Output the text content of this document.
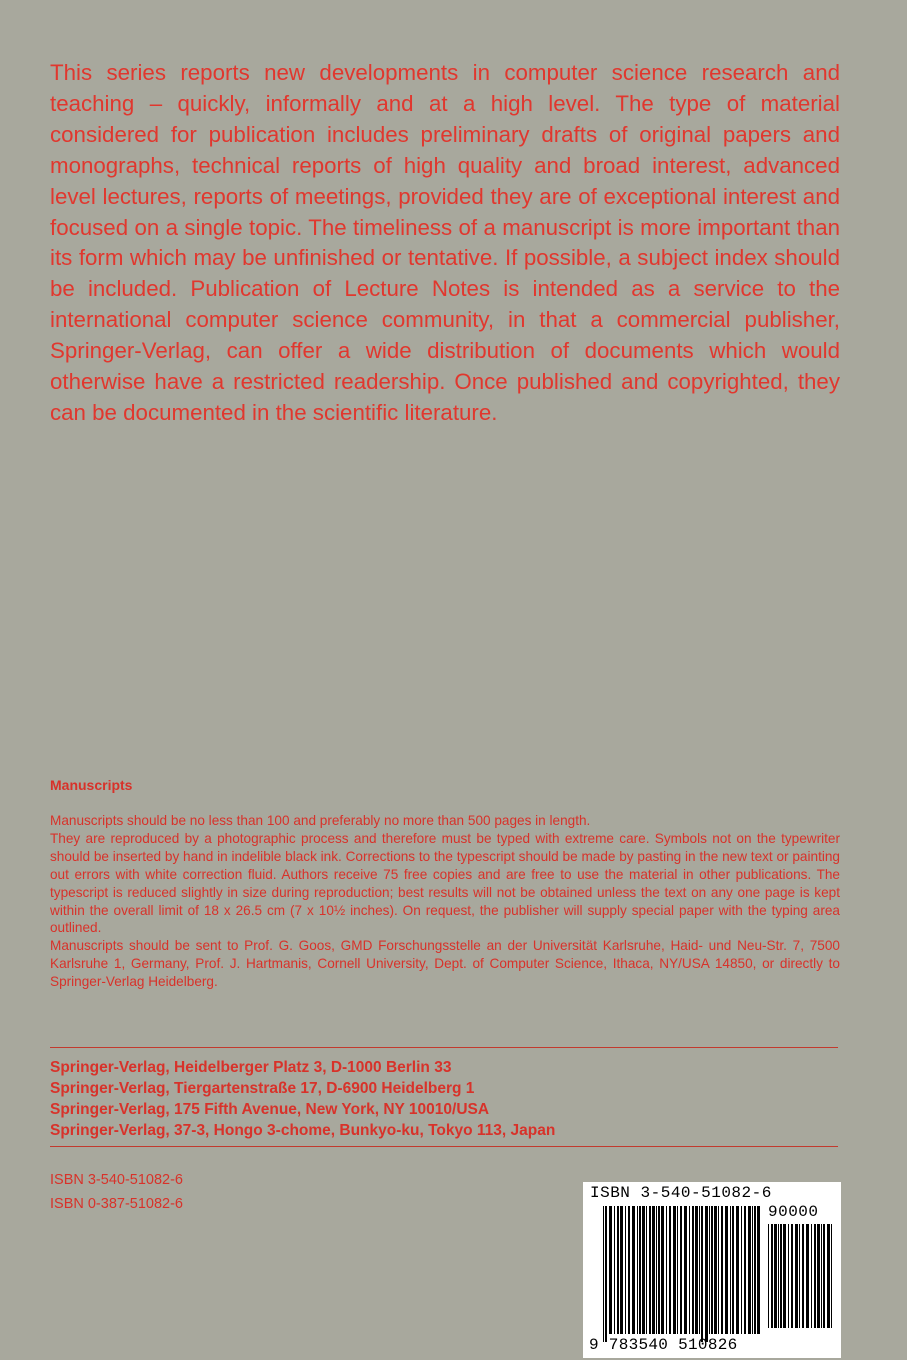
This series reports new developments in computer science research and teaching – quickly, informally and at a high level. The type of material considered for publication includes preliminary drafts of original papers and monographs, technical reports of high quality and broad interest, advanced level lectures, reports of meetings, provided they are of exceptional interest and focused on a single topic. The timeliness of a manuscript is more important than its form which may be unfinished or tentative. If possible, a subject index should be included. Publication of Lecture Notes is intended as a service to the international computer science community, in that a commercial publisher, Springer-Verlag, can offer a wide distribution of documents which would otherwise have a restricted readership. Once published and copyrighted, they can be documented in the scientific literature.

Manuscripts

Manuscripts should be no less than 100 and preferably no more than 500 pages in length.

They are reproduced by a photographic process and therefore must be typed with extreme care. Symbols not on the typewriter should be inserted by hand in indelible black ink. Corrections to the typescript should be made by pasting in the new text or painting out errors with white correction fluid. Authors receive 75 free copies and are free to use the material in other publications. The typescript is reduced slightly in size during reproduction; best results will not be obtained unless the text on any one page is kept within the overall limit of 18 x 26.5 cm (7 x 10½ inches). On request, the publisher will supply special paper with the typing area outlined.

Manuscripts should be sent to Prof. G. Goos, GMD Forschungsstelle an der Universität Karlsruhe, Haid- und Neu-Str. 7, 7500 Karlsruhe 1, Germany, Prof. J. Hartmanis, Cornell University, Dept. of Computer Science, Ithaca, NY/USA 14850, or directly to Springer-Verlag Heidelberg.

Springer-Verlag, Heidelberger Platz 3, D-1000 Berlin 33
Springer-Verlag, Tiergartenstraße 17, D-6900 Heidelberg 1
Springer-Verlag, 175 Fifth Avenue, New York, NY 10010/USA
Springer-Verlag, 37-3, Hongo 3-chome, Bunkyo-ku, Tokyo 113, Japan
ISBN 3-540-51082-6
ISBN 0-387-51082-6
ISBN 3-540-51082-6
90000
9 783540 510826
